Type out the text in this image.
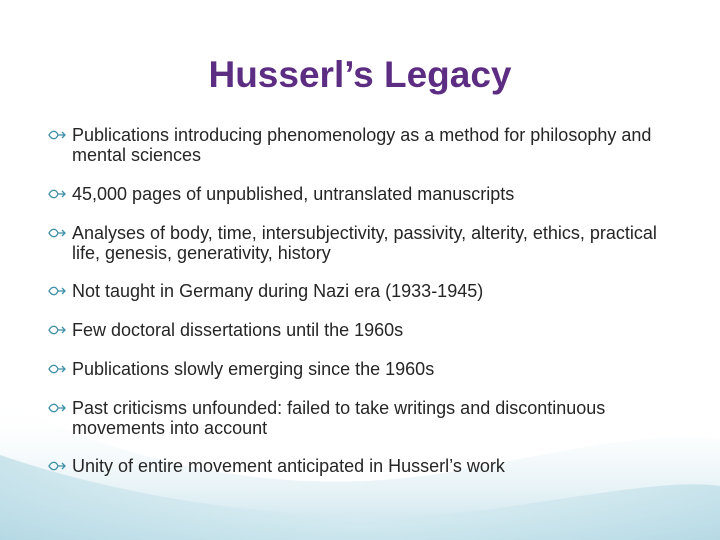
Husserl’s Legacy
Publications introducing phenomenology as a method for philosophy and mental sciences
45,000 pages of unpublished, untranslated manuscripts
Analyses of body, time, intersubjectivity, passivity, alterity, ethics, practical life, genesis, generativity, history
Not taught in Germany during Nazi era (1933-1945)
Few doctoral dissertations until the 1960s
Publications slowly emerging since the 1960s
Past criticisms unfounded: failed to take writings and discontinuous movements into account
Unity of entire movement anticipated in Husserl’s work
